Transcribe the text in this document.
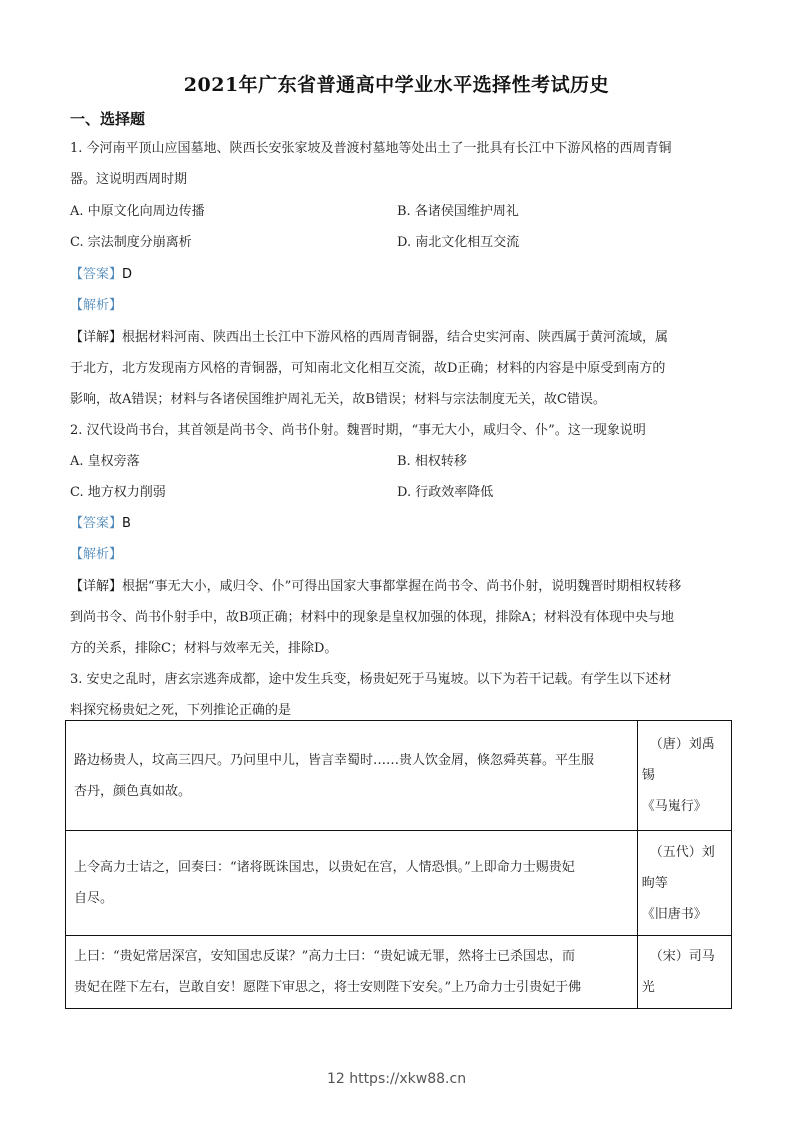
2021年广东省普通高中学业水平选择性考试历史
一、选择题
1. 今河南平顶山应国墓地、陕西长安张家坡及普渡村墓地等处出土了一批具有长江中下游风格的西周青铜
器。这说明西周时期
A. 中原文化向周边传播	B. 各诸侯国维护周礼
C. 宗法制度分崩离析	D. 南北文化相互交流
【答案】D
【解析】
【详解】根据材料河南、陕西出土长江中下游风格的西周青铜器，结合史实河南、陕西属于黄河流域，属
于北方，北方发现南方风格的青铜器，可知南北文化相互交流，故D正确；材料的内容是中原受到南方的
影响，故A错误；材料与各诸侯国维护周礼无关，故B错误；材料与宗法制度无关，故C错误。
2. 汉代设尚书台，其首领是尚书令、尚书仆射。魏晋时期，“事无大小，咸归令、仆”。这一现象说明
A. 皇权旁落	B. 相权转移
C. 地方权力削弱	D. 行政效率降低
【答案】B
【解析】
【详解】根据“事无大小，咸归令、仆”可得出国家大事都掌握在尚书令、尚书仆射，说明魏晋时期相权转移
到尚书令、尚书仆射手中，故B项正确；材料中的现象是皇权加强的体现，排除A；材料没有体现中央与地
方的关系，排除C；材料与效率无关，排除D。
3. 安史之乱时，唐玄宗逃奔成都，途中发生兵变，杨贵妃死于马嵬坡。以下为若干记载。有学生以下述材
料探究杨贵妃之死，下列推论正确的是
路边杨贵人，坟高三四尺。乃问里中儿，皆言幸蜀时……贵人饮金屑，倏忽舜英暮。平生服
杏丹，颜色真如故。	（唐）刘禹
锡
《马嵬行》

上令高力士诘之，回奏曰：“诸将既诛国忠，以贵妃在宫，人情恐惧。”上即命力士赐贵妃
自尽。	（五代）刘
昫等
《旧唐书》

上曰：“贵妃常居深宫，安知国忠反谋？”高力士曰：“贵妃诚无罪，然将士已杀国忠，而
贵妃在陛下左右，岂敢自安！愿陛下审思之，将士安则陛下安矣。”上乃命力士引贵妃于佛	（宋）司马
光
12 https://xkw88.cn
